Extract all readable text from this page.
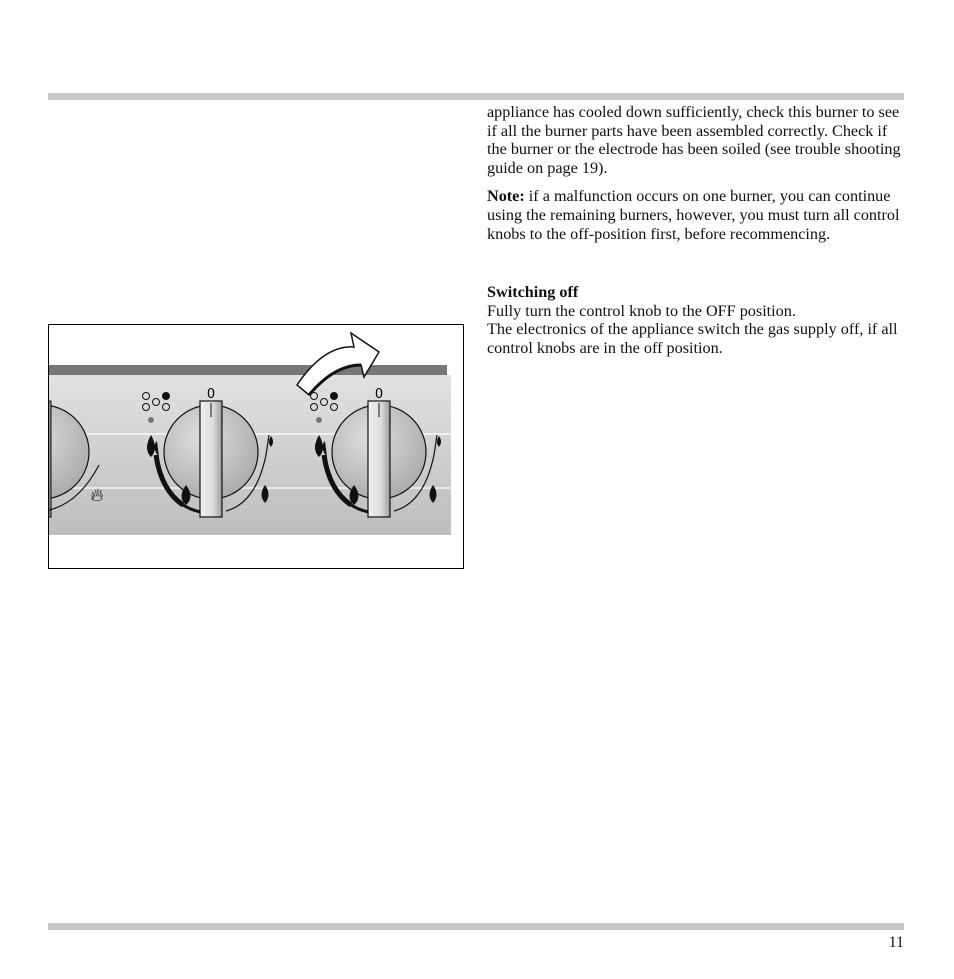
appliance has cooled down sufficiently, check this burner to see if all the burner parts have been assembled correctly. Check if the burner or the electrode has been soiled (see trouble shooting guide on page 19).

Note: if a malfunction occurs on one burner, you can continue using the remaining burners, however, you must turn all control knobs to the off-position first, before recommencing.

Switching off
Fully turn the control knob to the OFF position.
The electronics of the appliance switch the gas supply off, if all control knobs are in the off position.
🔥︎
0
11
